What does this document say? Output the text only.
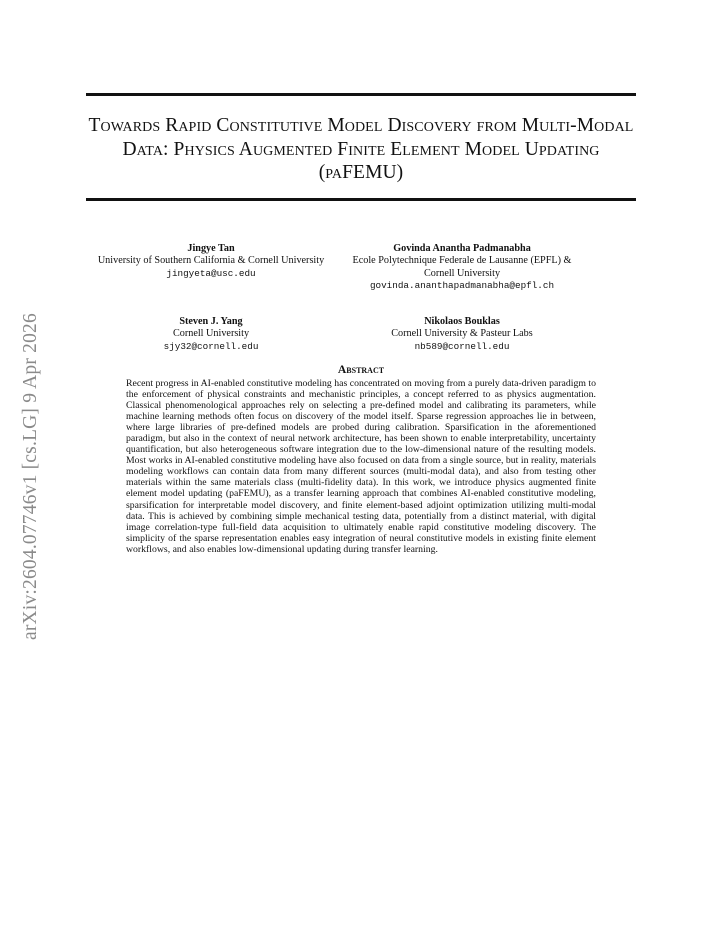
arXiv:2604.07746v1 [cs.LG] 9 Apr 2026
Towards Rapid Constitutive Model Discovery from Multi-Modal Data: Physics Augmented Finite Element Model Updating (paFEMU)
Jingye Tan
University of Southern California & Cornell University
jingyeta@usc.edu
Govinda Anantha Padmanabha
Ecole Polytechnique Federale de Lausanne (EPFL) & Cornell University
govinda.ananthapadmanabha@epfl.ch
Steven J. Yang
Cornell University
sjy32@cornell.edu
Nikolaos Bouklas
Cornell University & Pasteur Labs
nb589@cornell.edu
Abstract
Recent progress in AI-enabled constitutive modeling has concentrated on moving from a purely data-driven paradigm to the enforcement of physical constraints and mechanistic principles, a concept referred to as physics augmentation. Classical phenomenological approaches rely on selecting a pre-defined model and calibrating its parameters, while machine learning methods often focus on discovery of the model itself. Sparse regression approaches lie in between, where large libraries of pre-defined models are probed during calibration. Sparsification in the aforementioned paradigm, but also in the context of neural network architecture, has been shown to enable interpretability, uncertainty quantification, but also heterogeneous software integration due to the low-dimensional nature of the resulting models. Most works in AI-enabled constitutive modeling have also focused on data from a single source, but in reality, materials modeling workflows can contain data from many different sources (multi-modal data), and also from testing other materials within the same materials class (multi-fidelity data). In this work, we introduce physics augmented finite element model updating (paFEMU), as a transfer learning approach that combines AI-enabled constitutive modeling, sparsification for interpretable model discovery, and finite element-based adjoint optimization utilizing multi-modal data. This is achieved by combining simple mechanical testing data, potentially from a distinct material, with digital image correlation-type full-field data acquisition to ultimately enable rapid constitutive modeling discovery. The simplicity of the sparse representation enables easy integration of neural constitutive models in existing finite element workflows, and also enables low-dimensional updating during transfer learning.
